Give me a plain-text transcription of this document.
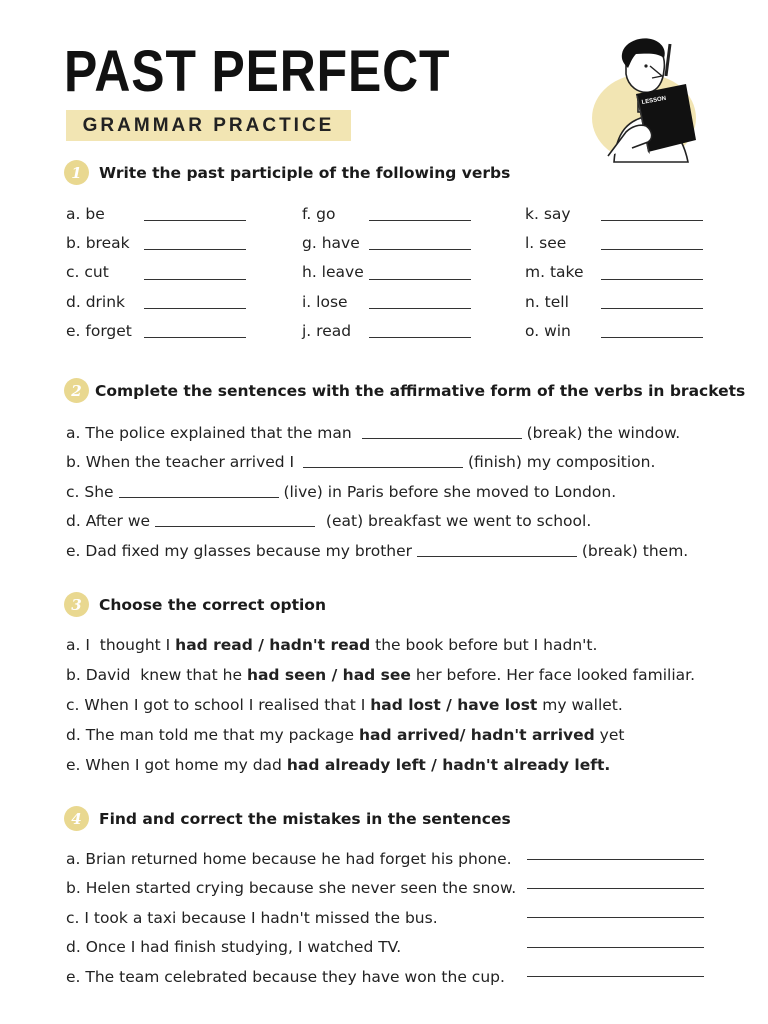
PAST PERFECT
GRAMMAR PRACTICE
LESSON
1	Write the past participle of the following verbs
a. be
b. break
c. cut
d. drink
e. forget
f. go
g. have
h. leave
i. lose
j. read
k. say
l. see
m. take
n. tell
o. win
2 Complete the sentences with the affirmative form of the verbs in brackets
a. The police explained that the man	(break) the window.
b. When the teacher arrived I	(finish) my composition.
c. She	(live) in Paris before she moved to London.
d. After we	(eat) breakfast we went to school.
e. Dad fixed my glasses because my brother	(break) them.
3	Choose the correct option
a. I  thought I had read / hadn't read the book before but I hadn't.
b. David  knew that he had seen / had see her before. Her face looked familiar.
c. When I got to school I realised that I had lost / have lost my wallet.
d. The man told me that my package had arrived/ hadn't arrived yet
e. When I got home my dad had already left / hadn't already left.
4	Find and correct the mistakes in the sentences
a. Brian returned home because he had forget his phone.
b. Helen started crying because she never seen the snow.
c. I took a taxi because I hadn't missed the bus.
d. Once I had finish studying, I watched TV.
e. The team celebrated because they have won the cup.
